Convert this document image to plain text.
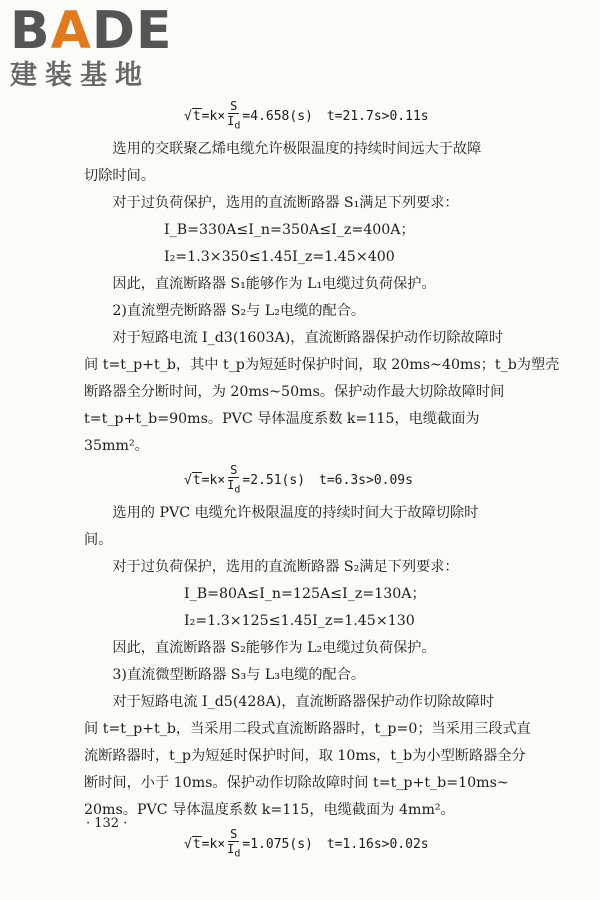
BADE
建装基地
$√t = k \times \frac{S}{I_d} =4.658(s)$ t=21.7s>0.11s
选用的交联聚乙烯电缆允许极限温度的持续时间远大于故障
切除时间。
对于过负荷保护，选用的直流断路器 S₁满足下列要求：
I_B=330A≤I_n=350A≤I_z=400A；
I₂=1.3×350≤1.45I_z=1.45×400
因此，直流断路器 S₁能够作为 L₁电缆过负荷保护。
2)直流塑壳断路器 S₂与 L₂电缆的配合。
对于短路电流 I_d3(1603A)，直流断路器保护动作切除故障时
间 t=t_p+t_b，其中 t_p为短延时保护时间，取 20ms~40ms；t_b为塑壳
断路器全分断时间，为 20ms~50ms。保护动作最大切除故障时间
t=t_p+t_b=90ms。PVC 导体温度系数 k=115，电缆截面为
35mm²。
$√t = k \times \frac{S}{I_d} =2.51(s)$ t=6.3s>0.09s
选用的 PVC 电缆允许极限温度的持续时间大于故障切除时
间。
对于过负荷保护，选用的直流断路器 S₂满足下列要求：
I_B=80A≤I_n=125A≤I_z=130A；
I₂=1.3×125≤1.45I_z=1.45×130
因此，直流断路器 S₂能够作为 L₂电缆过负荷保护。
3)直流微型断路器 S₃与 L₃电缆的配合。
对于短路电流 I_d5(428A)，直流断路器保护动作切除故障时
间 t=t_p+t_b，当采用二段式直流断路器时，t_p=0；当采用三段式直
流断路器时，t_p为短延时保护时间，取 10ms，t_b为小型断路器全分
断时间，小于 10ms。保护动作切除故障时间 t=t_p+t_b=10ms~
20ms。PVC 导体温度系数 k=115，电缆截面为 4mm²。
$√t = k \times \frac{S}{I_d} =1.075(s)$ t=1.16s>0.02s
· 132 ·
